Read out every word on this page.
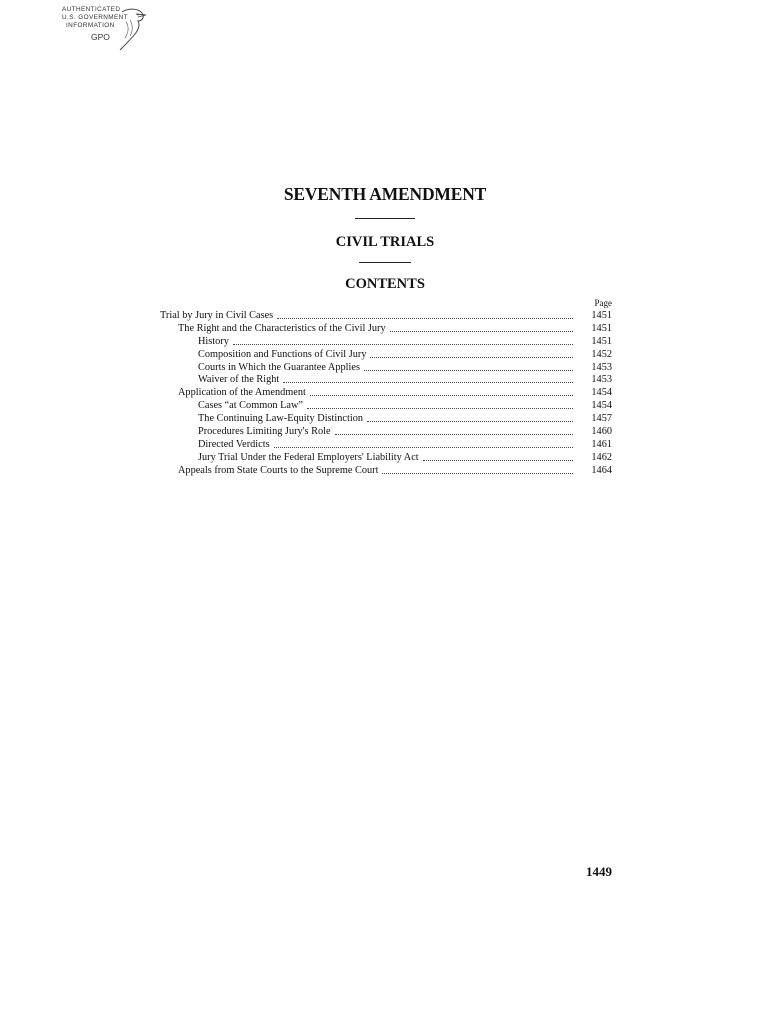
AUTHENTICATED
U.S. GOVERNMENT
INFORMATION
GPO
SEVENTH AMENDMENT
CIVIL TRIALS
CONTENTS
Page
Trial by Jury in Civil Cases	1451
The Right and the Characteristics of the Civil Jury	1451
History	1451
Composition and Functions of Civil Jury	1452
Courts in Which the Guarantee Applies	1453
Waiver of the Right	1453
Application of the Amendment	1454
Cases “at Common Law”	1454
The Continuing Law-Equity Distinction	1457
Procedures Limiting Jury's Role	1460
Directed Verdicts	1461
Jury Trial Under the Federal Employers' Liability Act	1462
Appeals from State Courts to the Supreme Court	1464
1449
